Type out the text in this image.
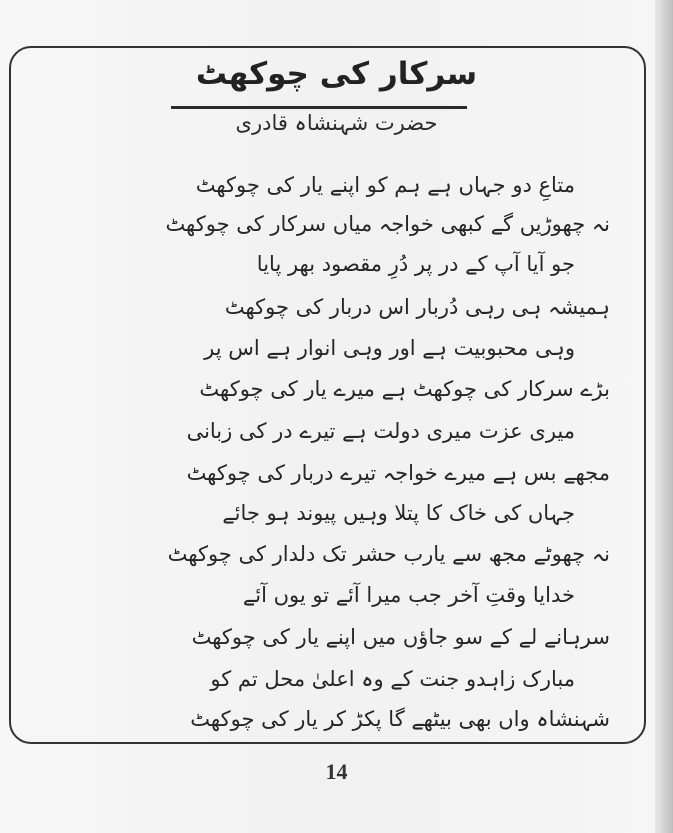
سرکار کی چوکھٹ
حضرت شہنشاہ قادری
متاعِ دو جہاں ہے ہم کو اپنے یار کی چوکھٹ
نہ چھوڑیں گے کبھی خواجہ میاں سرکار کی چوکھٹ
جو آیا آپ کے در پر دُرِ مقصود بھر پایا
ہمیشہ ہی رہی دُربار اس دربار کی چوکھٹ
وہی محبوبیت ہے اور وہی انوار ہے اس پر
بڑے سرکار کی چوکھٹ ہے میرے یار کی چوکھٹ
میری عزت میری دولت ہے تیرے در کی زبانی
مجھے بس ہے میرے خواجہ تیرے دربار کی چوکھٹ
جہاں کی خاک کا پتلا وہیں پیوند ہو جائے
نہ چھوٹے مجھ سے یارب حشر تک دلدار کی چوکھٹ
خدایا وقتِ آخر جب میرا آئے تو یوں آئے
سرہانے لے کے سو جاؤں میں اپنے یار کی چوکھٹ
مبارک زاہدو جنت کے وہ اعلیٰ محل تم کو
شہنشاہ واں بھی بیٹھے گا پکڑ کر یار کی چوکھٹ
14
